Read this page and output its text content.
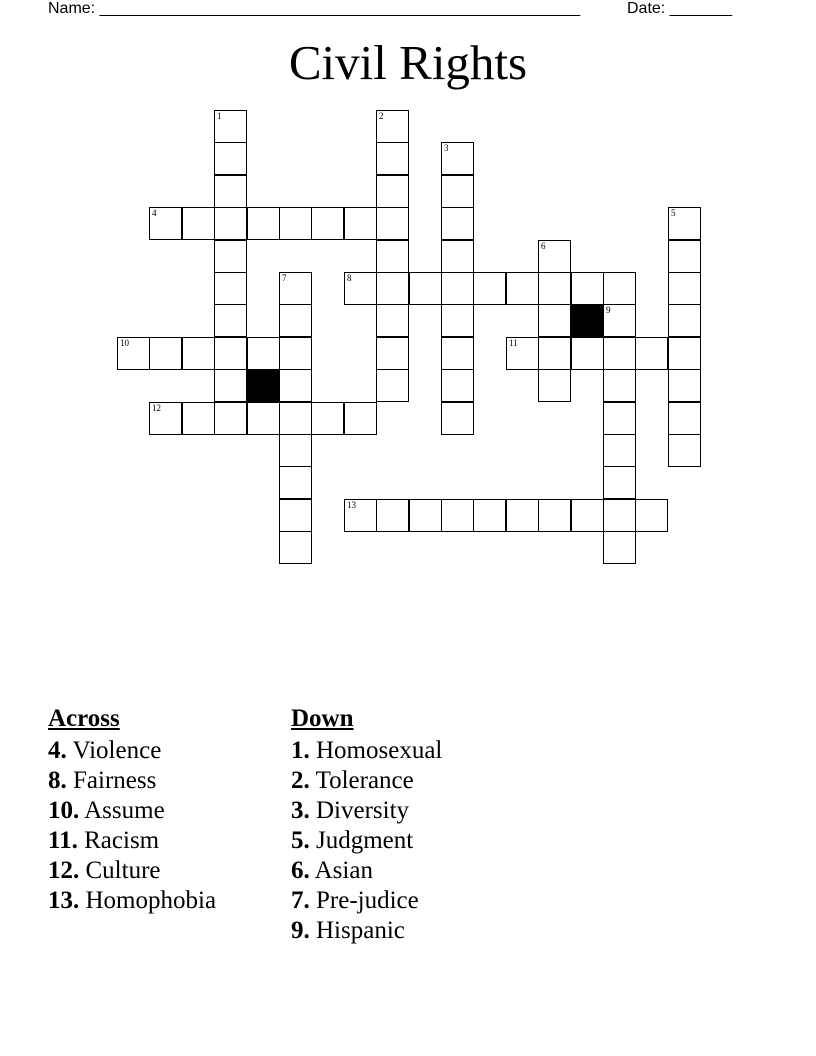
Name: ______________________________________________________	Date: _______
Civil Rights
1	2
3
4	5
6
7	8
9
10	11
12
13
Across
4. Violence
8. Fairness
10. Assume
11. Racism
12. Culture
13. Homophobia
Down
1. Homosexual
2. Tolerance
3. Diversity
5. Judgment
6. Asian
7. Pre-judice
9. Hispanic
